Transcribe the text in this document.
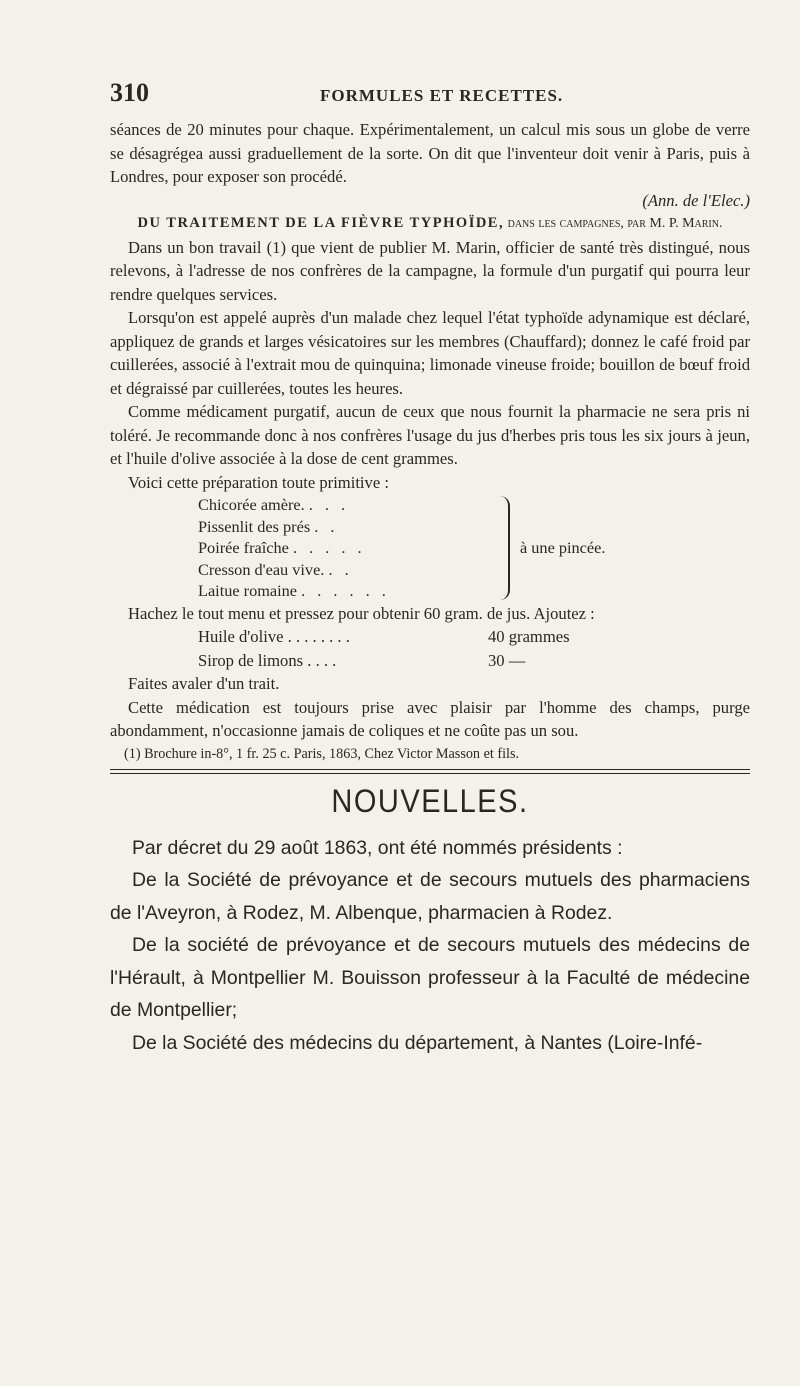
310	FORMULES ET RECETTES.

séances de 20 minutes pour chaque. Expérimentalement, un calcul mis sous un globe de verre se désagrégea aussi graduellement de la sorte. On dit que l'inventeur doit venir à Paris, puis à Londres, pour exposer son procédé.

(Ann. de l'Elec.)

DU TRAITEMENT DE LA FIÈVRE TYPHOÏDE, dans les campagnes, par M. P. Marin.

Dans un bon travail (1) que vient de publier M. Marin, officier de santé très distingué, nous relevons, à l'adresse de nos confrères de la campagne, la formule d'un purgatif qui pourra leur rendre quelques services.

Lorsqu'on est appelé auprès d'un malade chez lequel l'état typhoïde adynamique est déclaré, appliquez de grands et larges vésicatoires sur les membres (Chauffard); donnez le café froid par cuillerées, associé à l'extrait mou de quinquina; limonade vineuse froide; bouillon de bœuf froid et dégraissé par cuillerées, toutes les heures.

Comme médicament purgatif, aucun de ceux que nous fournit la pharmacie ne sera pris ni toléré. Je recommande donc à nos confrères l'usage du jus d'herbes pris tous les six jours à jeun, et l'huile d'olive associée à la dose de cent grammes.

Voici cette préparation toute primitive :

Chicorée amère. . . .
Pissenlit des prés . .
Poirée fraîche . . . . .
Cresson d'eau vive. . .
Laitue romaine . . . . . .
à une pincée.

Hachez le tout menu et pressez pour obtenir 60 gram. de jus. Ajoutez :

Huile d'olive . . . . . . . .	40 grammes
Sirop de limons . . . .	30 —

Faites avaler d'un trait.

Cette médication est toujours prise avec plaisir par l'homme des champs, purge abondamment, n'occasionne jamais de coliques et ne coûte pas un sou.

(1) Brochure in-8°, 1 fr. 25 c. Paris, 1863, Chez Victor Masson et fils.

NOUVELLES.

Par décret du 29 août 1863, ont été nommés présidents :

De la Société de prévoyance et de secours mutuels des pharmaciens de l'Aveyron, à Rodez, M. Albenque, pharmacien à Rodez.

De la société de prévoyance et de secours mutuels des médecins de l'Hérault, à Montpellier M. Bouisson professeur à la Faculté de médecine de Montpellier;

De la Société des médecins du département, à Nantes (Loire-Infé-
